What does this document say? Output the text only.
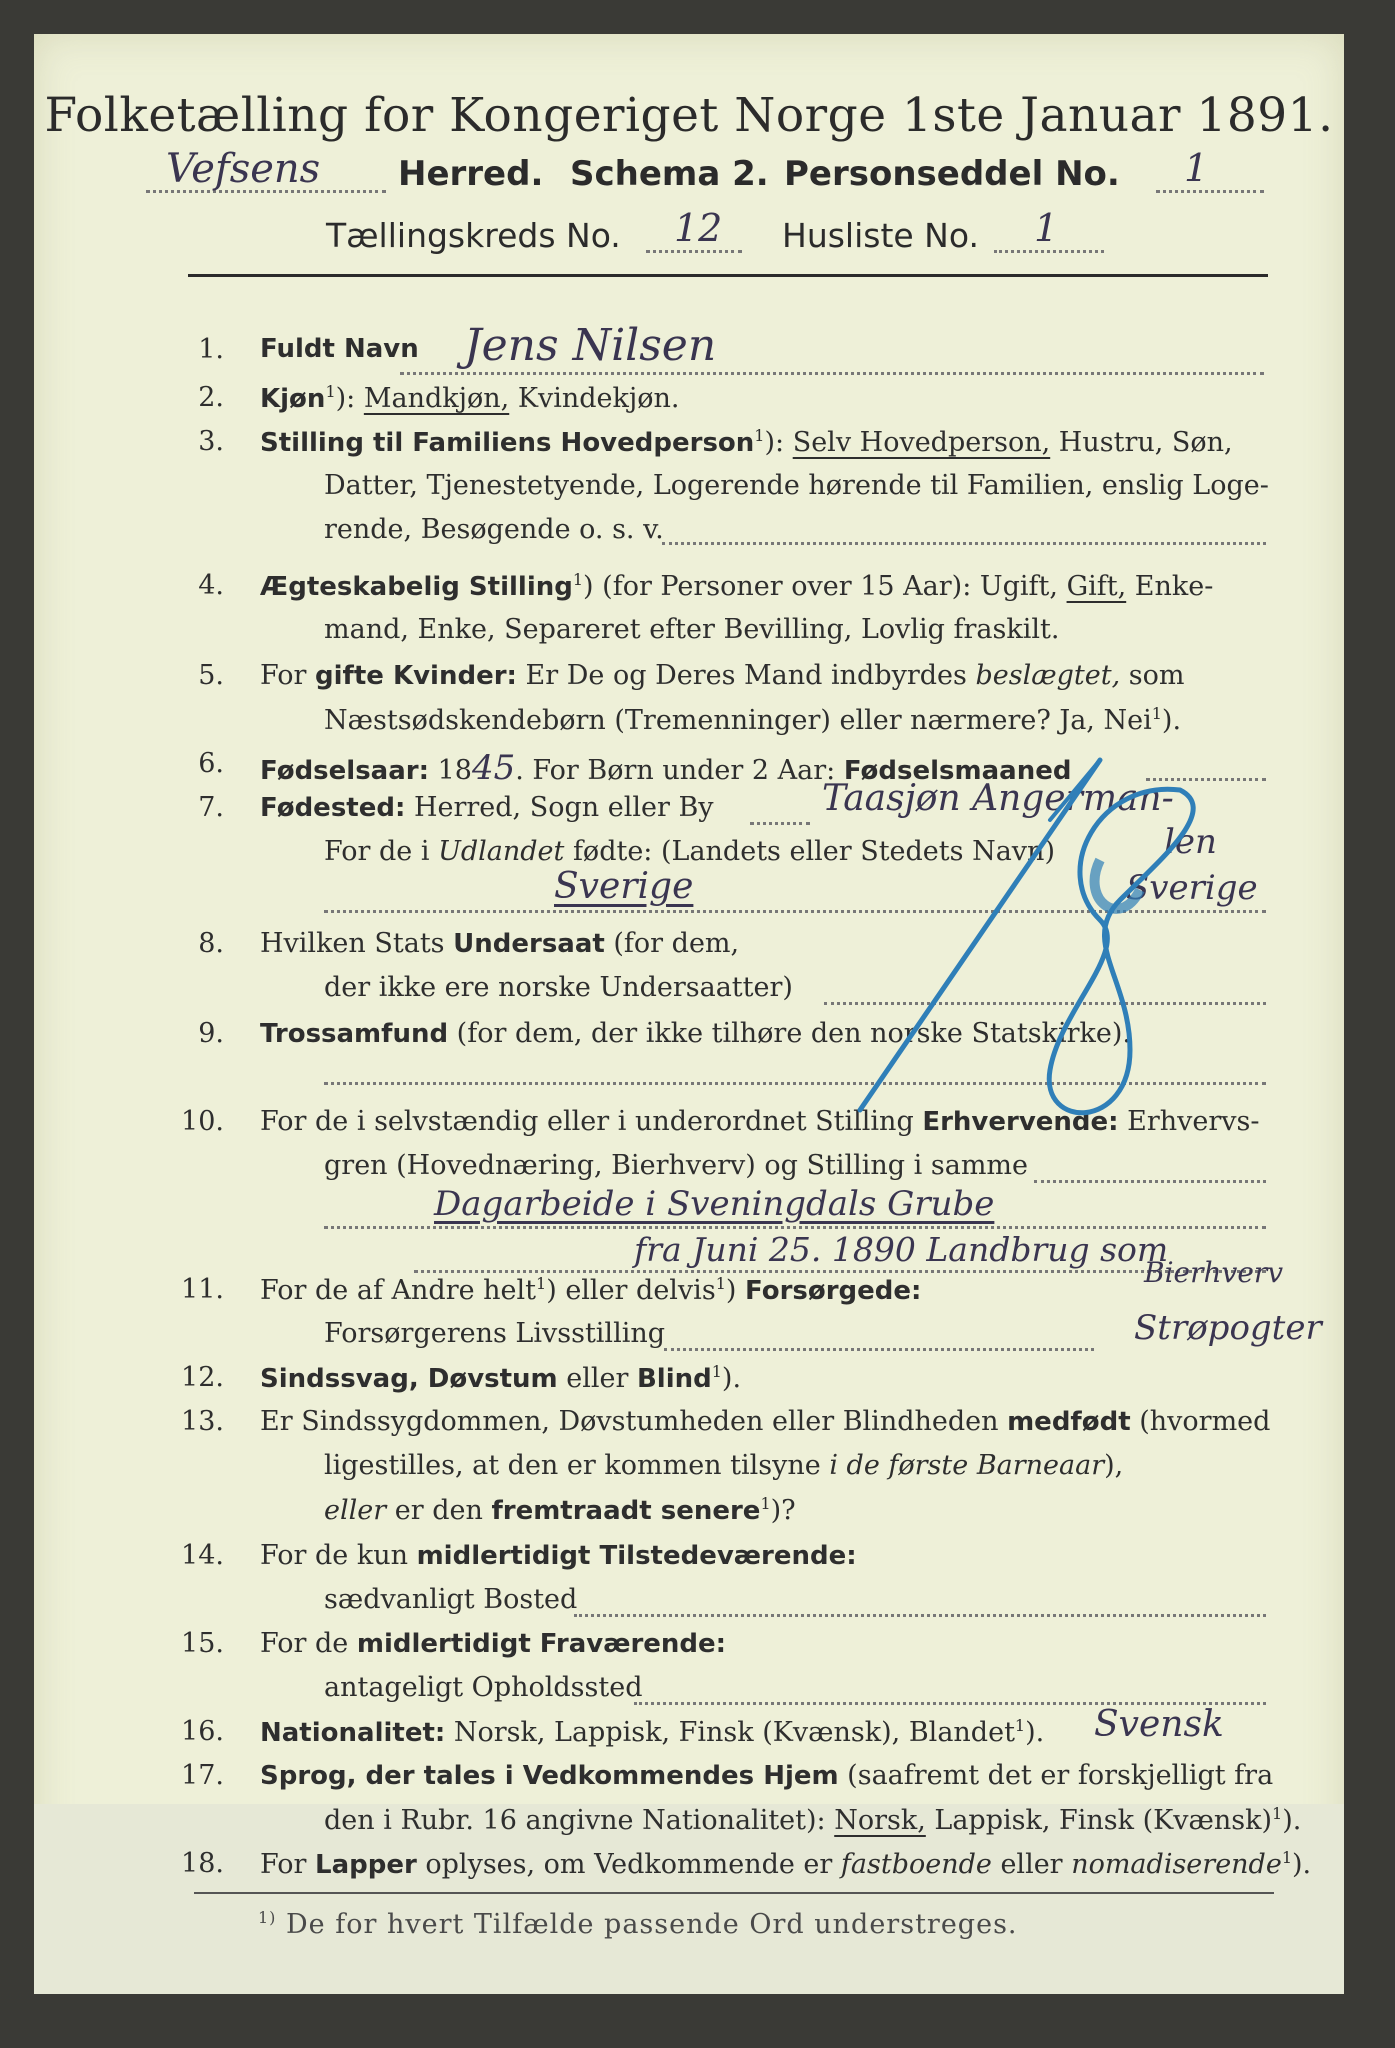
Folketælling for Kongeriget Norge 1ste Januar 1891.
Vefsens Herred. Schema 2. Personseddel No. 1
Tællingskreds No. 12 Husliste No. 1
1. Fuldt Navn Jens Nilsen
2. Kjøn$^1$): Mandkjøn, Kvindekjøn.
3. Stilling til Familiens Hovedperson$^1$): Selv Hovedperson, Hustru, Søn,
Datter, Tjenestetyende, Logerende hørende til Familien, enslig Loge-
rende, Besøgende o. s. v.
4. Ægteskabelig Stilling$^1$) (for Personer over 15 Aar): Ugift, Gift, Enke-
mand, Enke, Separeret efter Bevilling, Lovlig fraskilt.
5. For gifte Kvinder: Er De og Deres Mand indbyrdes beslægtet, som
Næstsødskendebørn (Tremenninger) eller nærmere? Ja, Nei$^1$).
6. Fødselsaar: 1845. For Børn under 2 Aar: Fødselsmaaned
7. Fødested: Herred, Sogn eller By	Taasjøn Angerman-
For de i Udlandet fødte: (Landets eller Stedets Navn)	len
Sverige	Sverige
8. Hvilken Stats Undersaat (for dem,
der ikke ere norske Undersaatter)
9. Trossamfund (for dem, der ikke tilhøre den norske Statskirke).
10. For de i selvstændig eller i underordnet Stilling Erhvervende: Erhvervs-
gren (Hovednæring, Bierhverv) og Stilling i samme
Dagarbeide i Sveningdals Grube
fra Juni 25. 1890 Landbrug som
11. For de af Andre helt$^1$) eller delvis$^1$) Forsørgede:
Bierhverv
Forsørgerens Livsstilling	Strøpogter
12. Sindssvag, Døvstum eller Blind$^1$).
13. Er Sindssygdommen, Døvstumheden eller Blindheden medfødt (hvormed
ligestilles, at den er kommen tilsyne i de første Barneaar),
eller er den fremtraadt senere$^1$)?
14. For de kun midlertidigt Tilstedeværende:
sædvanligt Bosted
15. For de midlertidigt Fraværende:
antageligt Opholdssted
16. Nationalitet: Norsk, Lappisk, Finsk (Kvænsk), Blandet$^1$). Svensk
17. Sprog, der tales i Vedkommendes Hjem (saafremt det er forskjelligt fra
den i Rubr. 16 angivne Nationalitet): Norsk, Lappisk, Finsk (Kvænsk)$^1$).
18. For Lapper oplyses, om Vedkommende er fastboende eller nomadiserende$^1$).
$^{1)}$ De for hvert Tilfælde passende Ord understreges.
